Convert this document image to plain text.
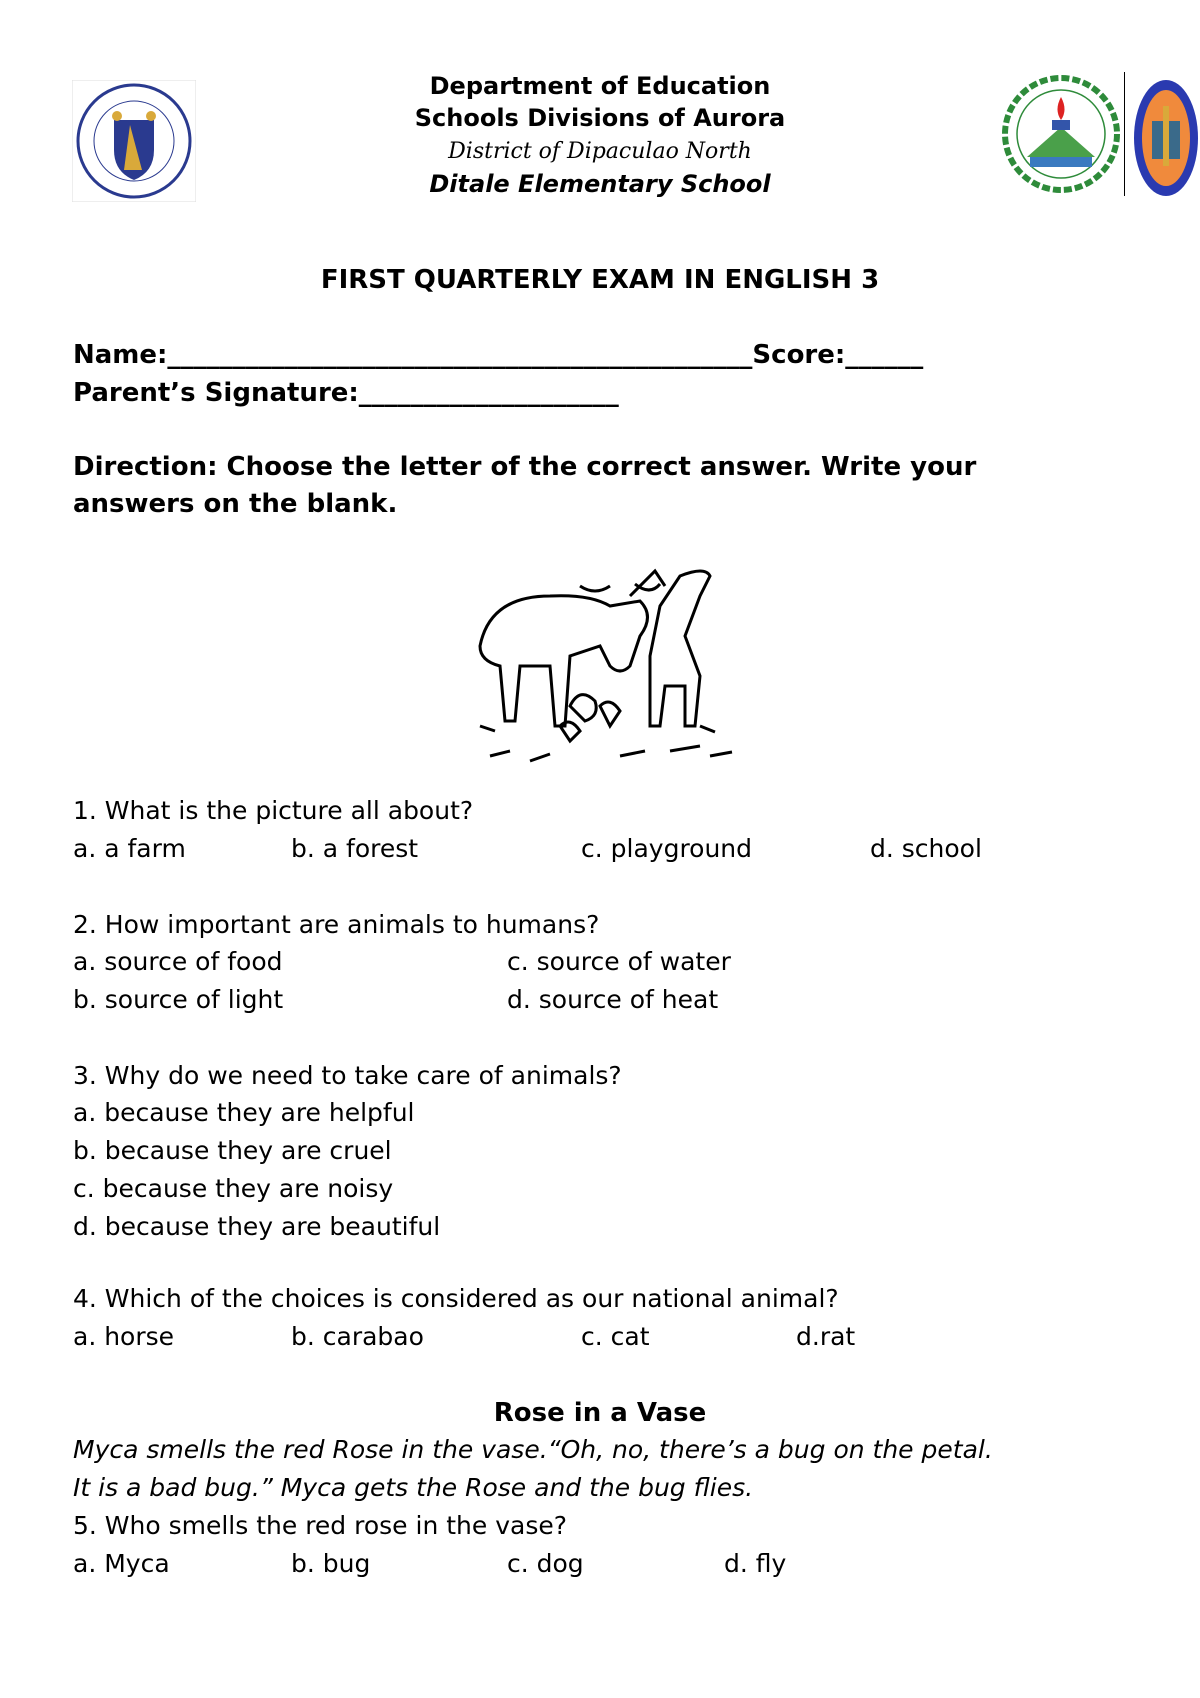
Department of Education
Schools Divisions of Aurora
District of Dipaculao North
Ditale Elementary School
FIRST QUARTERLY EXAM IN ENGLISH 3
Name:_____________________________________________Score:______
Parent’s Signature:____________________
Direction: Choose the letter of the correct answer. Write your
answers on the blank.
1. What is the picture all about?
a. a farm	b. a forest	c. playground	d. school
2. How important are animals to humans?
a. source of food	c. source of water
b. source of light	d. source of heat
3. Why do we need to take care of animals?
a. because they are helpful
b. because they are cruel
c. because they are noisy
d. because they are beautiful
4. Which of the choices is considered as our national animal?
a. horse	b. carabao	c. cat	d.rat
Rose in a Vase
Myca smells the red Rose in the vase.“Oh, no, there’s a bug on the petal.
It is a bad bug.” Myca gets the Rose and the bug flies.
5. Who smells the red rose in the vase?
a. Myca	b. bug	c. dog	d. fly
